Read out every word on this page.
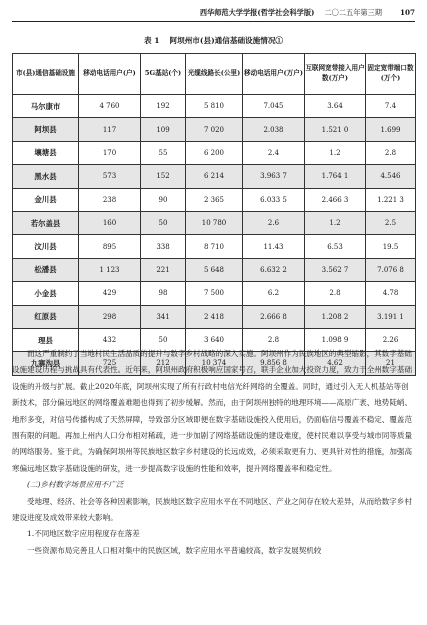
西华师范大学学报(哲学社会科学版) 二〇二五年第三期	107
表 1 阿坝州市(县)通信基础设施情况①
市(县)通信基础设施	移动电话用户(户)	5G基站(个)	光缆线路长(公里)	移动电话用户(万户)	互联网宽带接入用户数(万户)	固定宽带端口数(万个)
马尔康市	4 760	192	5 810	7.045	3.64	7.4
阿坝县	117	109	7 020	2.038	1.521 0	1.699
壤塘县	170	55	6 200	2.4	1.2	2.8
黑水县	573	152	6 214	3.963 7	1.764 1	4.546
金川县	238	90	2 365	6.033 5	2.466 3	1.221 3
若尔盖县	160	50	10 780	2.6	1.2	2.5
汶川县	895	338	8 710	11.43	6.53	19.5
松潘县	1 123	221	5 648	6.632 2	3.562 7	7.076 8
小金县	429	98	7 500	6.2	2.8	4.78
红原县	298	341	2 418	2.666 8	1.208 2	3.191 1
理县	432	50	3 640	2.8	1.098 9	2.26
九寨沟县	725	212	10 374	9.856 8	4.62	21

而这严重制约了当地村民生活品质的提升与数字乡村战略的深入实施。阿坝州作为民族地区的典型缩影，其数字基础设施建设历程与挑战具有代表性。近年来，阿坝州政府积极响应国家号召，联手企业加大投资力度，致力于全州数字基础设施的升级与扩展。截止2020年底，阿坝州实现了所有行政村电信光纤网络的全覆盖。同时，通过引入无人机基站等创新技术，部分偏远地区的网络覆盖难题也得到了初步缓解。然而，由于阿坝州独特的地理环境——高原广袤、地势陡峭、地形多变，对信号传播构成了天然屏障，导致部分区域即便在数字基础设施投入使用后，仍面临信号覆盖不稳定、覆盖范围有限的问题。再加上州内人口分布相对稀疏，进一步加剧了网络基础设施的建设难度，使村民难以享受与城市同等质量的网络服务。鉴于此，为确保阿坝州等民族地区数字乡村建设的长远成效，必须采取更有力、更具针对性的措施，加强高寒偏远地区数字基础设施的研发，进一步提高数字设施的性能和效率，提升网络覆盖率和稳定性。

(二)乡村数字场景应用不广泛

受地理、经济、社会等各种因素影响，民族地区数字应用水平在不同地区、产业之间存在较大差异，从而给数字乡村建设进度及成效带来较大影响。

1.不同地区数字应用程度存在落差

一些资源布局完善且人口相对集中的民族区域，数字应用水平普遍较高，数字发展契机较
